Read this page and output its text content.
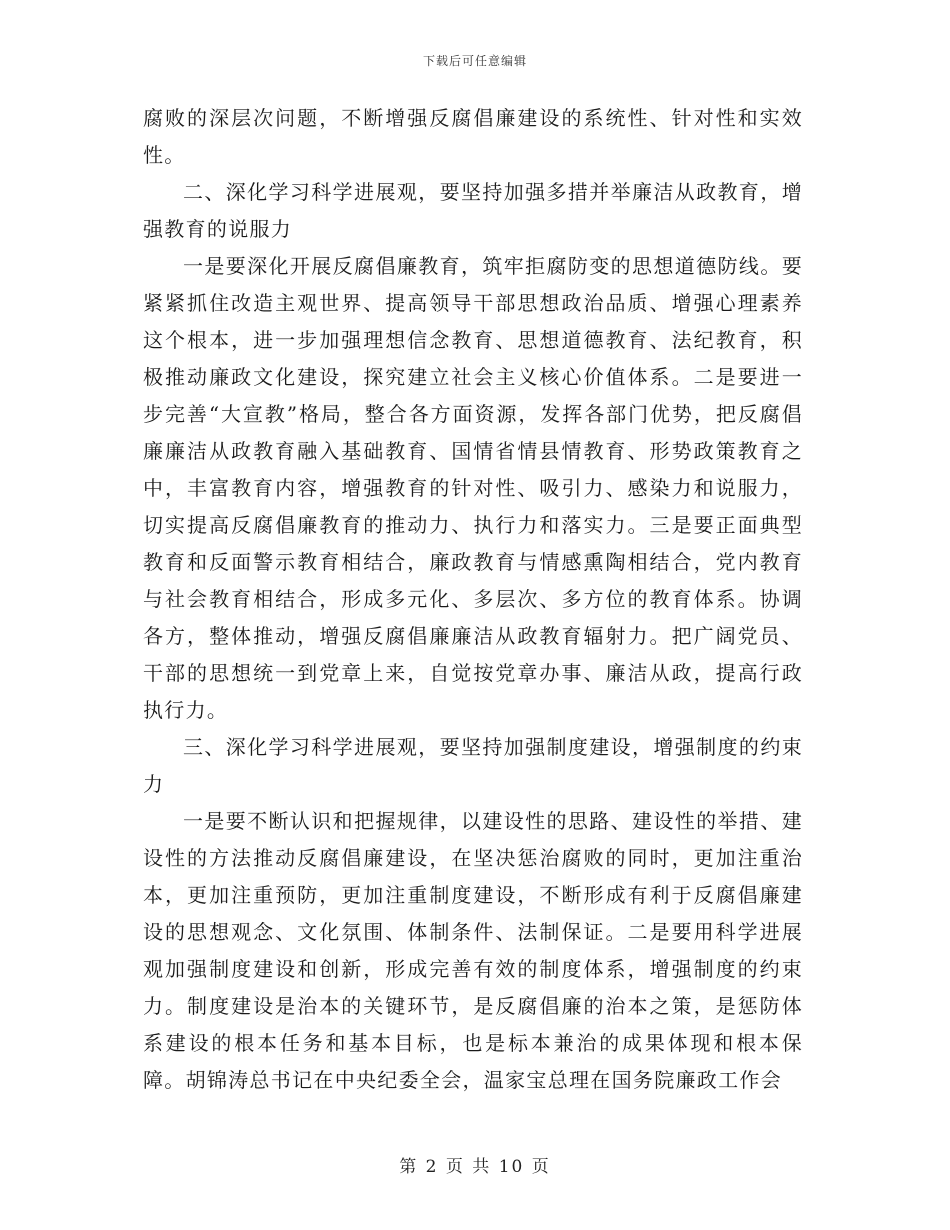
下载后可任意编辑

腐败的深层次问题，不断增强反腐倡廉建设的系统性、针对性和实效性。

二、深化学习科学进展观，要坚持加强多措并举廉洁从政教育，增强教育的说服力

一是要深化开展反腐倡廉教育，筑牢拒腐防变的思想道德防线。要紧紧抓住改造主观世界、提高领导干部思想政治品质、增强心理素养这个根本，进一步加强理想信念教育、思想道德教育、法纪教育，积极推动廉政文化建设，探究建立社会主义核心价值体系。二是要进一步完善“大宣教”格局，整合各方面资源，发挥各部门优势，把反腐倡廉廉洁从政教育融入基础教育、国情省情县情教育、形势政策教育之中，丰富教育内容，增强教育的针对性、吸引力、感染力和说服力，切实提高反腐倡廉教育的推动力、执行力和落实力。三是要正面典型教育和反面警示教育相结合，廉政教育与情感熏陶相结合，党内教育与社会教育相结合，形成多元化、多层次、多方位的教育体系。协调各方，整体推动，增强反腐倡廉廉洁从政教育辐射力。把广阔党员、干部的思想统一到党章上来，自觉按党章办事、廉洁从政，提高行政执行力。

三、深化学习科学进展观，要坚持加强制度建设，增强制度的约束力

一是要不断认识和把握规律，以建设性的思路、建设性的举措、建设性的方法推动反腐倡廉建设，在坚决惩治腐败的同时，更加注重治本，更加注重预防，更加注重制度建设，不断形成有利于反腐倡廉建设的思想观念、文化氛围、体制条件、法制保证。二是要用科学进展观加强制度建设和创新，形成完善有效的制度体系，增强制度的约束力。制度建设是治本的关键环节，是反腐倡廉的治本之策，是惩防体系建设的根本任务和基本目标，也是标本兼治的成果体现和根本保障。胡锦涛总书记在中央纪委全会，温家宝总理在国务院廉政工作会

第 2 页 共 10 页
